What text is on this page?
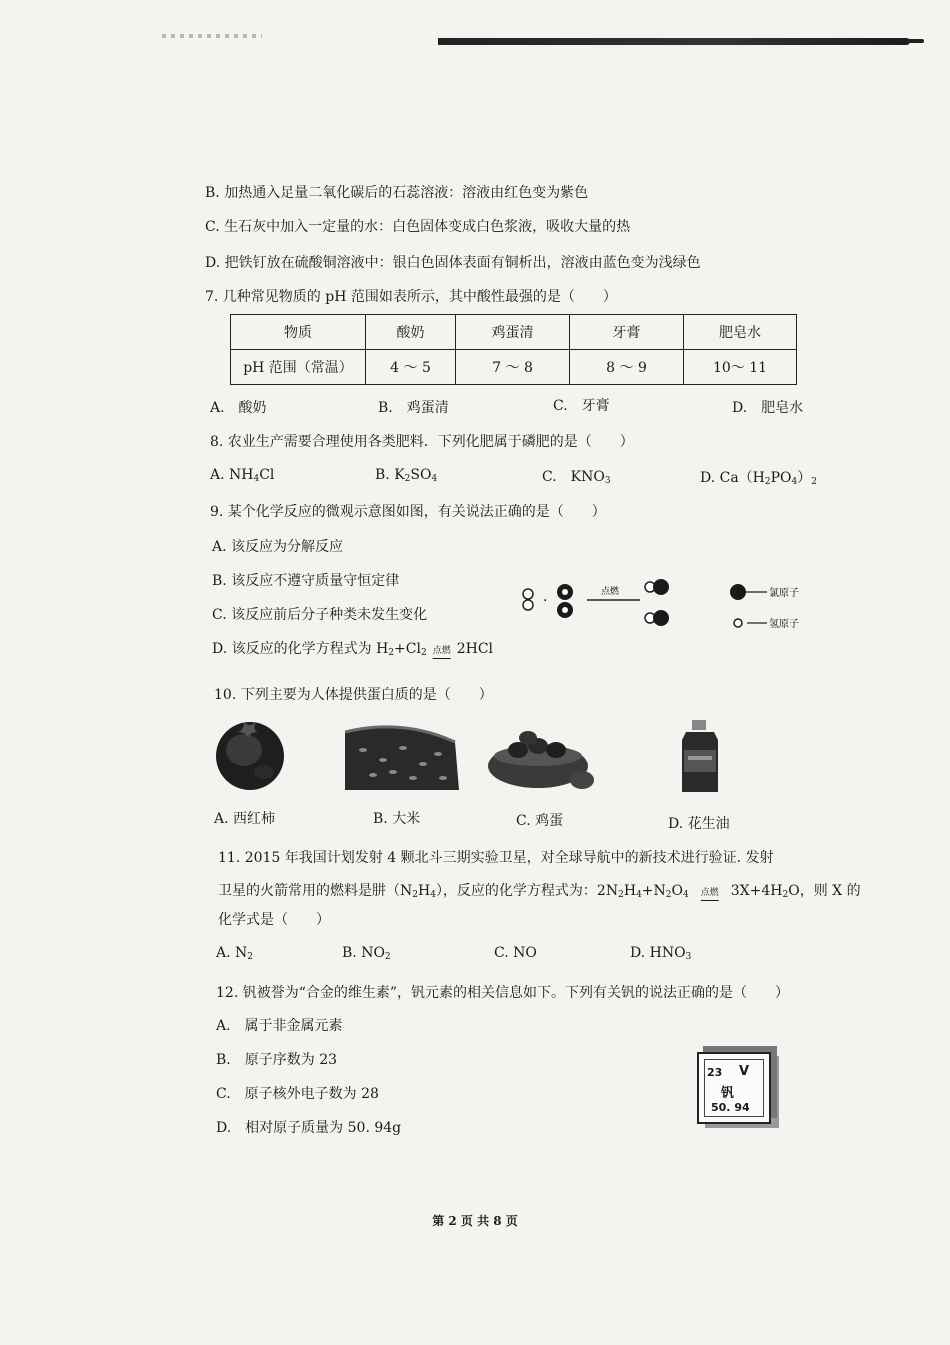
B. 加热通入足量二氧化碳后的石蕊溶液：溶液由红色变为紫色
C. 生石灰中加入一定量的水：白色固体变成白色浆液，吸收大量的热
D. 把铁钉放在硫酸铜溶液中：银白色固体表面有铜析出，溶液由蓝色变为浅绿色
7. 几种常见物质的 pH 范围如表所示，其中酸性最强的是（　　）
物质	酸奶	鸡蛋清	牙膏	肥皂水
pH 范围（常温）	4 ～ 5	7 ～ 8	8 ～ 9	10～ 11
A.　酸奶	B.　鸡蛋清	C.　牙膏	D.　肥皂水
8. 农业生产需要合理使用各类肥料．下列化肥属于磷肥的是（　　）
A. $NH_4Cl$	B. $K_2SO_4$	C.　$KNO_3$	D. $Ca(H_2PO_4)_2$
9. 某个化学反应的微观示意图如图，有关说法正确的是（　　）
A. 该反应为分解反应
B. 该反应不遵守质量守恒定律
C. 该反应前后分子种类未发生变化
D. 该反应的化学方程式为 $H_2+Cl_2$ 点燃 2HCl
·
点燃	氯原子
氢原子
10. 下列主要为人体提供蛋白质的是（　　）
A. 西红柿	B. 大米	C. 鸡蛋	D. 花生油
11. 2015 年我国计划发射 4 颗北斗三期实验卫星，对全球导航中的新技术进行验证. 发射
卫星的火箭常用的燃料是肼$(N_2H_4)$，反应的化学方程式为：$2N_2H_4+N_2O_4$ 点燃 $3X+4H_2O$，则 X 的
化学式是（　　）
A. $N_2$	B. $NO_2$	C. NO	D. $HNO_3$
12. 钒被誉为“合金的维生素”，钒元素的相关信息如下。下列有关钒的说法正确的是（　　）
A.　属于非金属元素
B.　原子序数为 23
C.　原子核外电子数为 28
D.　相对原子质量为 50. 94g
23 V
钒
50. 94
第 2 页 共 8 页
